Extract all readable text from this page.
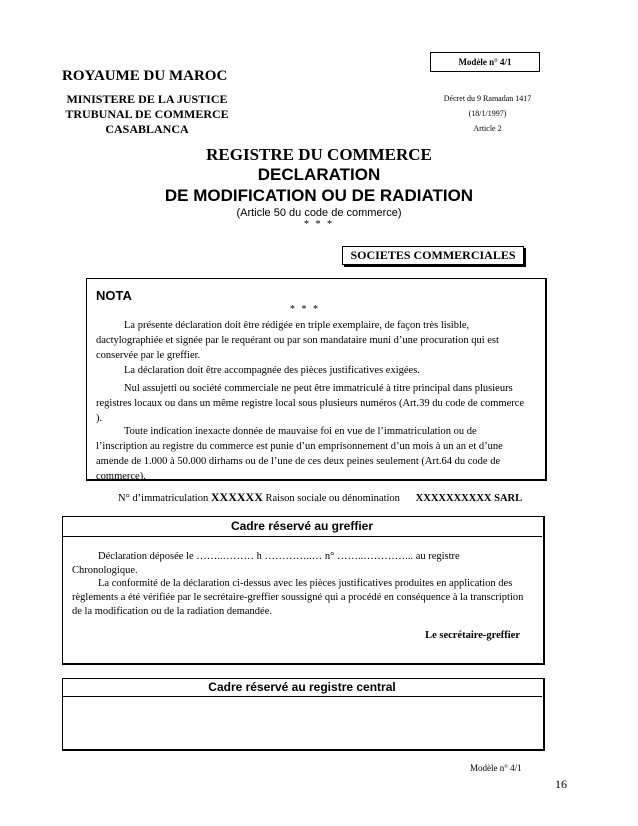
Modèle n° 4/1
ROYAUME DU MAROC
MINISTERE DE LA JUSTICE
TRUBUNAL DE COMMERCE
CASABLANCA
Décret du 9 Ramadan 1417
(18/1/1997)
Article 2
REGISTRE DU COMMERCE
DECLARATION
DE MODIFICATION OU DE RADIATION
(Article 50 du code de commerce)
* * *
SOCIETES COMMERCIALES
NOTA
* * *
La présente déclaration doit être rédigée en triple exemplaire, de façon très lisible, dactylographiée et signée par le requérant ou par son mandataire muni d’une procuration qui est conservée par le greffier.
La déclaration doit être accompagnée des pièces justificatives exigées.
Nul assujetti ou société commerciale ne peut être immatriculé à titre principal dans plusieurs registres locaux ou dans un même registre local sous plusieurs numéros (Art.39 du code de commerce ).
Toute indication inexacte donnée de mauvaise foi en vue de l’immatriculation ou de l’inscription au registre du commerce est punie d’un emprisonnement d’un mois à un an et d’une amende de 1.000 à 50.000 dirhams ou de l’une de ces deux peines seulement (Art.64 du code de commerce).
N° d’immatriculation XXXXXX Raison sociale ou dénomination XXXXXXXXXX SARL
Cadre réservé au greffier
Déclaration déposée le ……..……… h …………..… n° ……..…………... au registre
Chronologique.
La conformité de la déclaration ci-dessus avec les pièces justificatives produites en application des règlements a été vérifiée par le secrétaire-greffier soussigné qui a procédé en conséquence à la transcription de la modification ou de la radiation demandée.
Le secrétaire-greffier
Cadre réservé au registre central
Modèle n° 4/1
16
